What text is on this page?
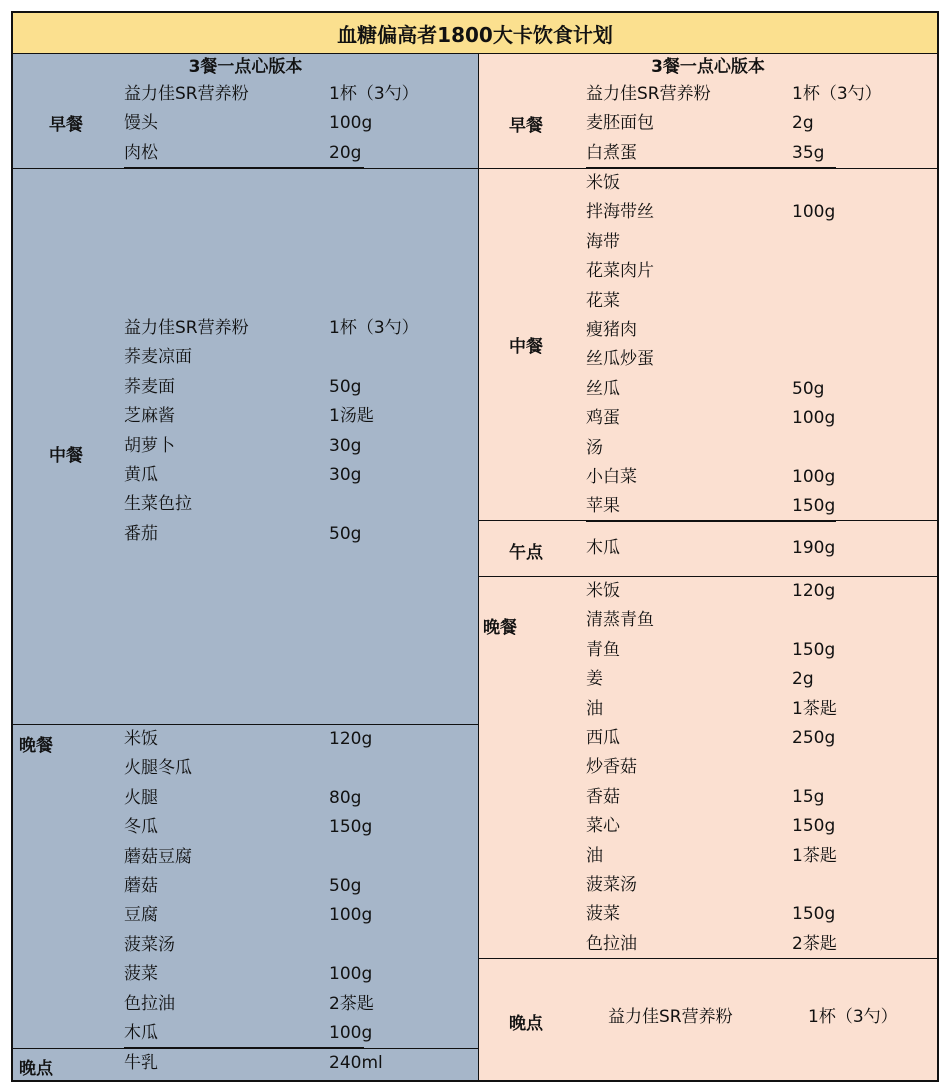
血糖偏高者1800大卡饮食计划
3餐一点心版本
早餐
益力佳SR营养粉	1杯（3勺）
馒头	100g
肉松	20g
中餐
益力佳SR营养粉	1杯（3勺）
荞麦凉面
荞麦面	50g
芝麻酱	1汤匙
胡萝卜	30g
黄瓜	30g
生菜色拉
番茄	50g
晚餐	米饭	120g
火腿冬瓜
火腿	80g
冬瓜	150g
蘑菇豆腐
蘑菇	50g
豆腐	100g
菠菜汤
菠菜	100g
色拉油	2茶匙
木瓜	100g
晚点	牛乳	240ml
3餐一点心版本
早餐
益力佳SR营养粉	1杯（3勺）
麦胚面包	2g
白煮蛋	35g
中餐
米饭
拌海带丝	100g
海带
花菜肉片
花菜
瘦猪肉
丝瓜炒蛋
丝瓜	50g
鸡蛋	100g
汤
小白菜	100g
苹果	150g
午点	木瓜	190g
晚餐
米饭	120g
清蒸青鱼
青鱼	150g
姜	2g
油	1茶匙
西瓜	250g
炒香菇
香菇	15g
菜心	150g
油	1茶匙
菠菜汤
菠菜	150g
色拉油	2茶匙
晚点	益力佳SR营养粉	1杯（3勺）
